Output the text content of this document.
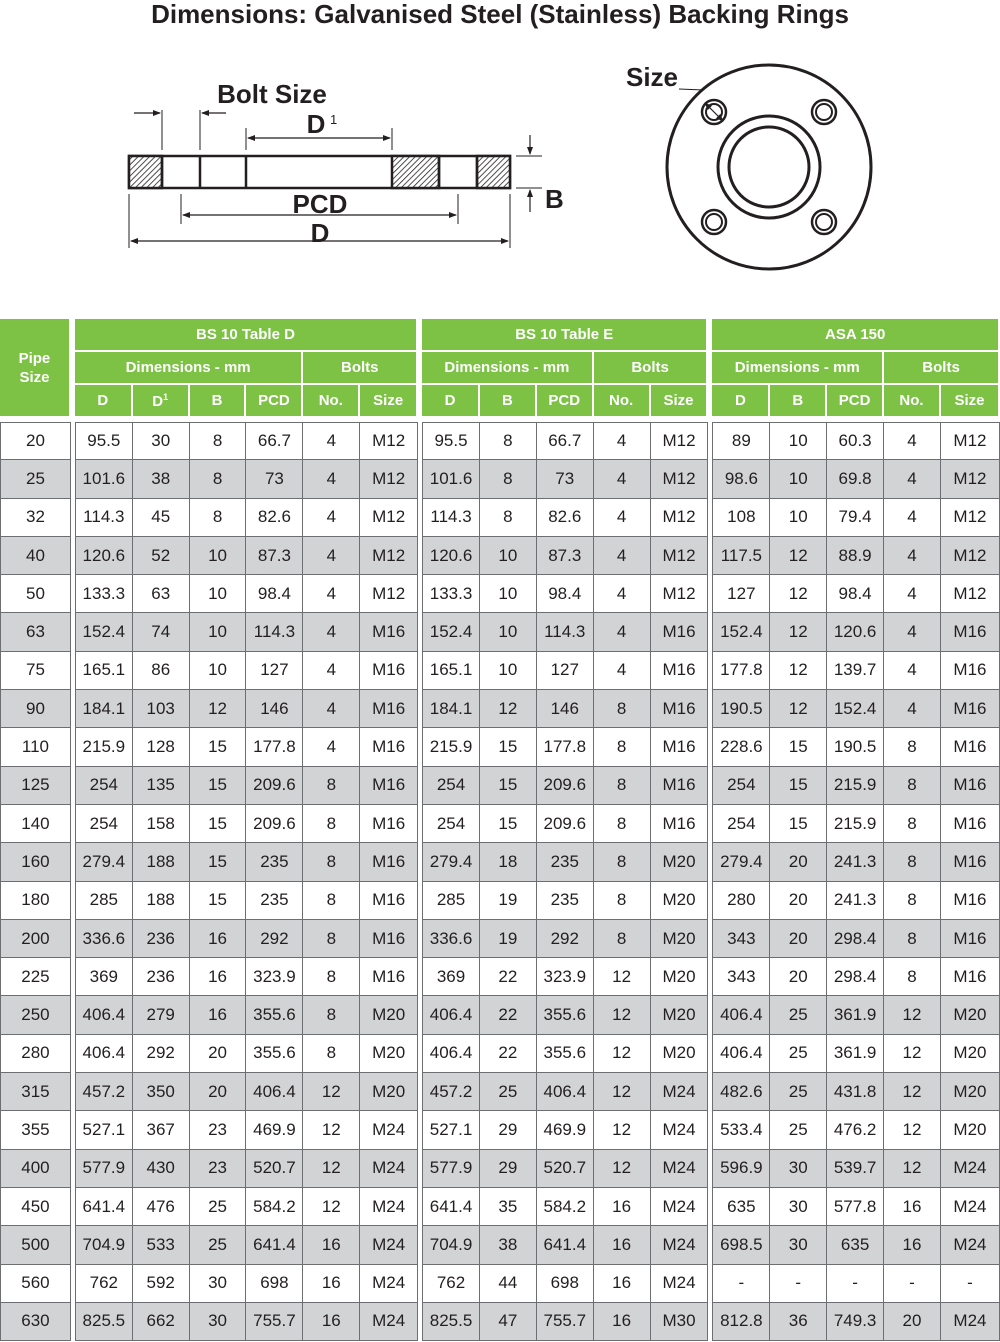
Dimensions: Galvanised Steel (Stainless) Backing Rings
Bolt Size
D 1
PCD
D
B
Size
Pipe Size		BS 10 Table D							BS 10 Table E						ASA 150				
		Dimensions - mm				Bolts			Dimensions - mm			Bolts			Dimensions - mm			Bolts	
		D	$D^1$	B	PCD	No.	Size		D	B	PCD	No.	Size		D	B	PCD	No.	Size

20		95.5	30	8	66.7	4	M12		95.5	8	66.7	4	M12		89	10	60.3	4	M12
25		101.6	38	8	73	4	M12		101.6	8	73	4	M12		98.6	10	69.8	4	M12
32		114.3	45	8	82.6	4	M12		114.3	8	82.6	4	M12		108	10	79.4	4	M12
40		120.6	52	10	87.3	4	M12		120.6	10	87.3	4	M12		117.5	12	88.9	4	M12
50		133.3	63	10	98.4	4	M12		133.3	10	98.4	4	M12		127	12	98.4	4	M12
63		152.4	74	10	114.3	4	M16		152.4	10	114.3	4	M16		152.4	12	120.6	4	M16
75		165.1	86	10	127	4	M16		165.1	10	127	4	M16		177.8	12	139.7	4	M16
90		184.1	103	12	146	4	M16		184.1	12	146	8	M16		190.5	12	152.4	4	M16
110		215.9	128	15	177.8	4	M16		215.9	15	177.8	8	M16		228.6	15	190.5	8	M16
125		254	135	15	209.6	8	M16		254	15	209.6	8	M16		254	15	215.9	8	M16
140		254	158	15	209.6	8	M16		254	15	209.6	8	M16		254	15	215.9	8	M16
160		279.4	188	15	235	8	M16		279.4	18	235	8	M20		279.4	20	241.3	8	M16
180		285	188	15	235	8	M16		285	19	235	8	M20		280	20	241.3	8	M16
200		336.6	236	16	292	8	M16		336.6	19	292	8	M20		343	20	298.4	8	M16
225		369	236	16	323.9	8	M16		369	22	323.9	12	M20		343	20	298.4	8	M16
250		406.4	279	16	355.6	8	M20		406.4	22	355.6	12	M20		406.4	25	361.9	12	M20
280		406.4	292	20	355.6	8	M20		406.4	22	355.6	12	M20		406.4	25	361.9	12	M20
315		457.2	350	20	406.4	12	M20		457.2	25	406.4	12	M24		482.6	25	431.8	12	M20
355		527.1	367	23	469.9	12	M24		527.1	29	469.9	12	M24		533.4	25	476.2	12	M20
400		577.9	430	23	520.7	12	M24		577.9	29	520.7	12	M24		596.9	30	539.7	12	M24
450		641.4	476	25	584.2	12	M24		641.4	35	584.2	16	M24		635	30	577.8	16	M24
500		704.9	533	25	641.4	16	M24		704.9	38	641.4	16	M24		698.5	30	635	16	M24
560		762	592	30	698	16	M24		762	44	698	16	M24		-	-	-	-	-
630		825.5	662	30	755.7	16	M24		825.5	47	755.7	16	M30		812.8	36	749.3	20	M24
